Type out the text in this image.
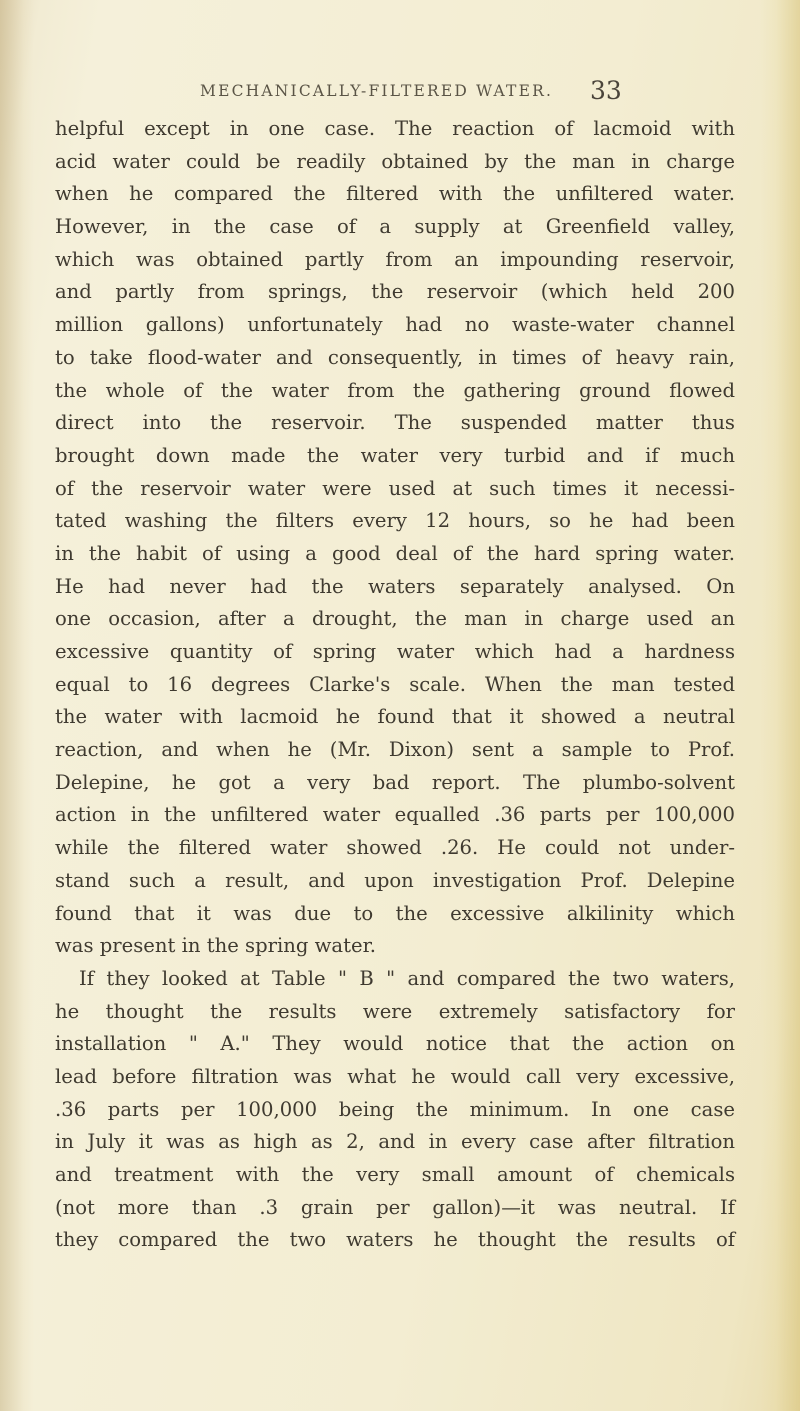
MECHANICALLY-FILTERED WATER.	33
helpful except in one case. The reaction of lacmoid with
acid water could be readily obtained by the man in charge
when he compared the filtered with the unfiltered water.
However, in the case of a supply at Greenfield valley,
which was obtained partly from an impounding reservoir,
and partly from springs, the reservoir (which held 200
million gallons) unfortunately had no waste-water channel
to take flood-water and consequently, in times of heavy rain,
the whole of the water from the gathering ground flowed
direct into the reservoir. The suspended matter thus
brought down made the water very turbid and if much
of the reservoir water were used at such times it necessi-
tated washing the filters every 12 hours, so he had been
in the habit of using a good deal of the hard spring water.
He had never had the waters separately analysed. On
one occasion, after a drought, the man in charge used an
excessive quantity of spring water which had a hardness
equal to 16 degrees Clarke's scale. When the man tested
the water with lacmoid he found that it showed a neutral
reaction, and when he (Mr. Dixon) sent a sample to Prof.
Delepine, he got a very bad report. The plumbo-solvent
action in the unfiltered water equalled .36 parts per 100,000
while the filtered water showed .26. He could not under-
stand such a result, and upon investigation Prof. Delepine
found that it was due to the excessive alkilinity which
was present in the spring water.
If they looked at Table " B " and compared the two waters,
he thought the results were extremely satisfactory for
installation " A." They would notice that the action on
lead before filtration was what he would call very excessive,
.36 parts per 100,000 being the minimum. In one case
in July it was as high as 2, and in every case after filtration
and treatment with the very small amount of chemicals
(not more than .3 grain per gallon)—it was neutral. If
they compared the two waters he thought the results of
